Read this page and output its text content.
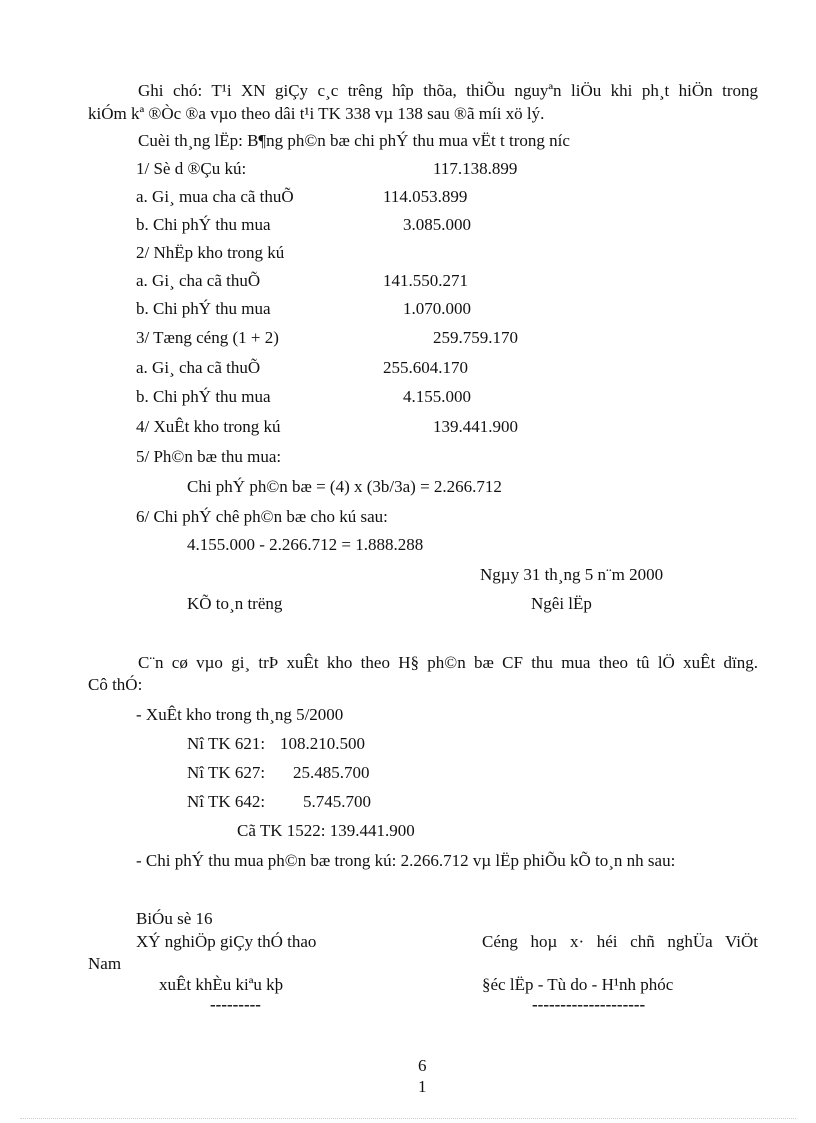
Ghi chó: T¹i XN giÇy c¸c trêng hîp thõa, thiÕu nguyªn liÖu khi ph¸t hiÖn trong
kiÓm kª ®Òc ®a vµo theo dâi t¹i TK 338 vµ 138 sau ®ã míi xö lý.
Cuèi th¸ng lËp: B¶ng ph©n bæ chi phÝ thu mua vËt t trong níc
1/ Sè d ®Çu kú:	117.138.899
a. Gi¸ mua cha cã thuÕ	114.053.899
b. Chi phÝ thu mua	3.085.000
2/ NhËp kho trong kú
a. Gi¸ cha cã thuÕ	141.550.271
b. Chi phÝ thu mua	1.070.000
3/ Tæng céng (1 + 2)	259.759.170
a. Gi¸ cha cã thuÕ	255.604.170
b. Chi phÝ thu mua	4.155.000
4/ XuÊt kho trong kú	139.441.900
5/ Ph©n bæ thu mua:
Chi phÝ ph©n bæ = (4) x (3b/3a) = 2.266.712
6/ Chi phÝ chê ph©n bæ cho kú sau:
4.155.000 - 2.266.712 = 1.888.288
Ngµy 31 th¸ng 5 n¨m 2000
KÕ to¸n trëng	Ngêi lËp
C¨n cø vµo gi¸ trÞ xuÊt kho theo H§ ph©n bæ CF thu mua theo tû lÖ xuÊt dïng.
Cô thÓ:
- XuÊt kho trong th¸ng 5/2000
Nî TK 621: 108.210.500
Nî TK 627: 25.485.700
Nî TK 642: 5.745.700
Cã TK 1522: 139.441.900
- Chi phÝ thu mua ph©n bæ trong kú: 2.266.712 vµ lËp phiÕu kÕ to¸n nh sau:
BiÓu sè 16
XÝ nghiÖp giÇy thÓ thao	Céng hoµ x· héi chñ nghÜa ViÖt
Nam
xuÊt khÈu kiªu kþ	§éc lËp - Tù do - H¹nh phóc
---------	--------------------
6
1
